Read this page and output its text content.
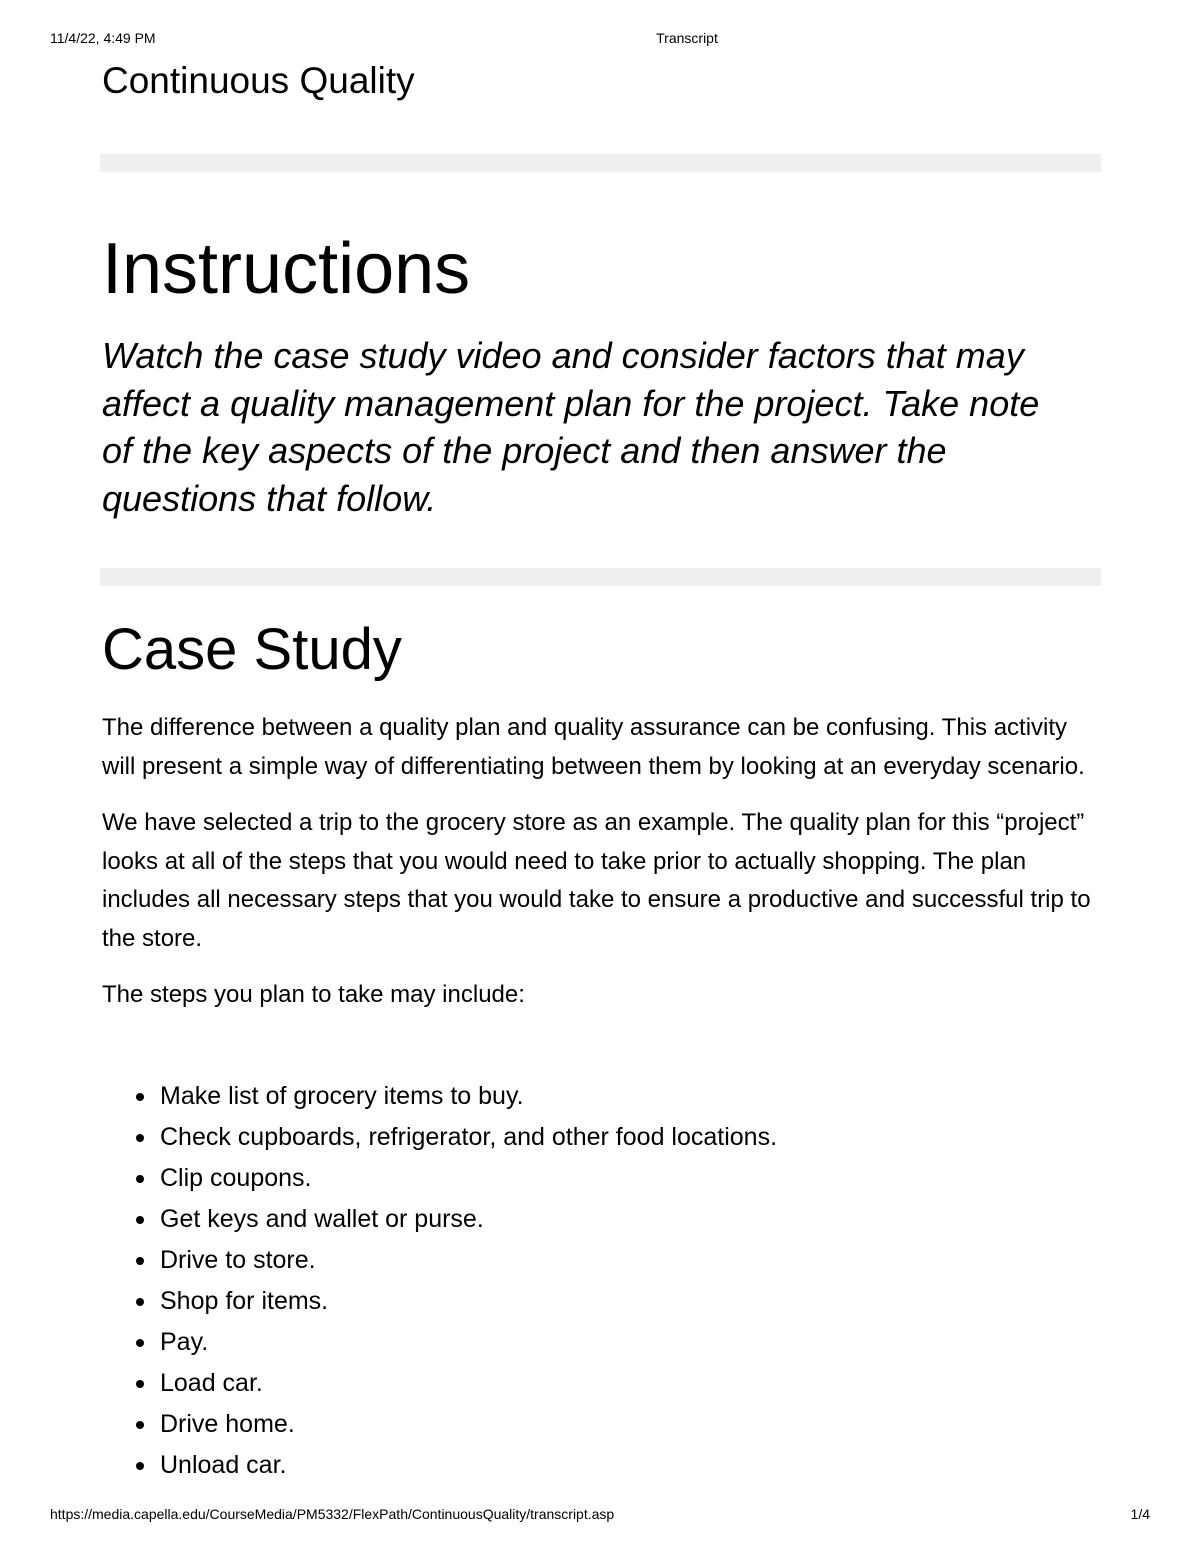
11/4/22, 4:49 PM	Transcript
Continuous Quality
Instructions

Watch the case study video and consider factors that may affect a quality management plan for the project. Take note of the key aspects of the project and then answer the questions that follow.

Case Study

The difference between a quality plan and quality assurance can be confusing. This activity will present a simple way of differentiating between them by looking at an everyday scenario.

We have selected a trip to the grocery store as an example. The quality plan for this “project” looks at all of the steps that you would need to take prior to actually shopping. The plan includes all necessary steps that you would take to ensure a productive and successful trip to the store.

The steps you plan to take may include:

Make list of grocery items to buy.
Check cupboards, refrigerator, and other food locations.
Clip coupons.
Get keys and wallet or purse.
Drive to store.
Shop for items.
Pay.
Load car.
Drive home.
Unload car.
https://media.capella.edu/CourseMedia/PM5332/FlexPath/ContinuousQuality/transcript.asp	1/4
